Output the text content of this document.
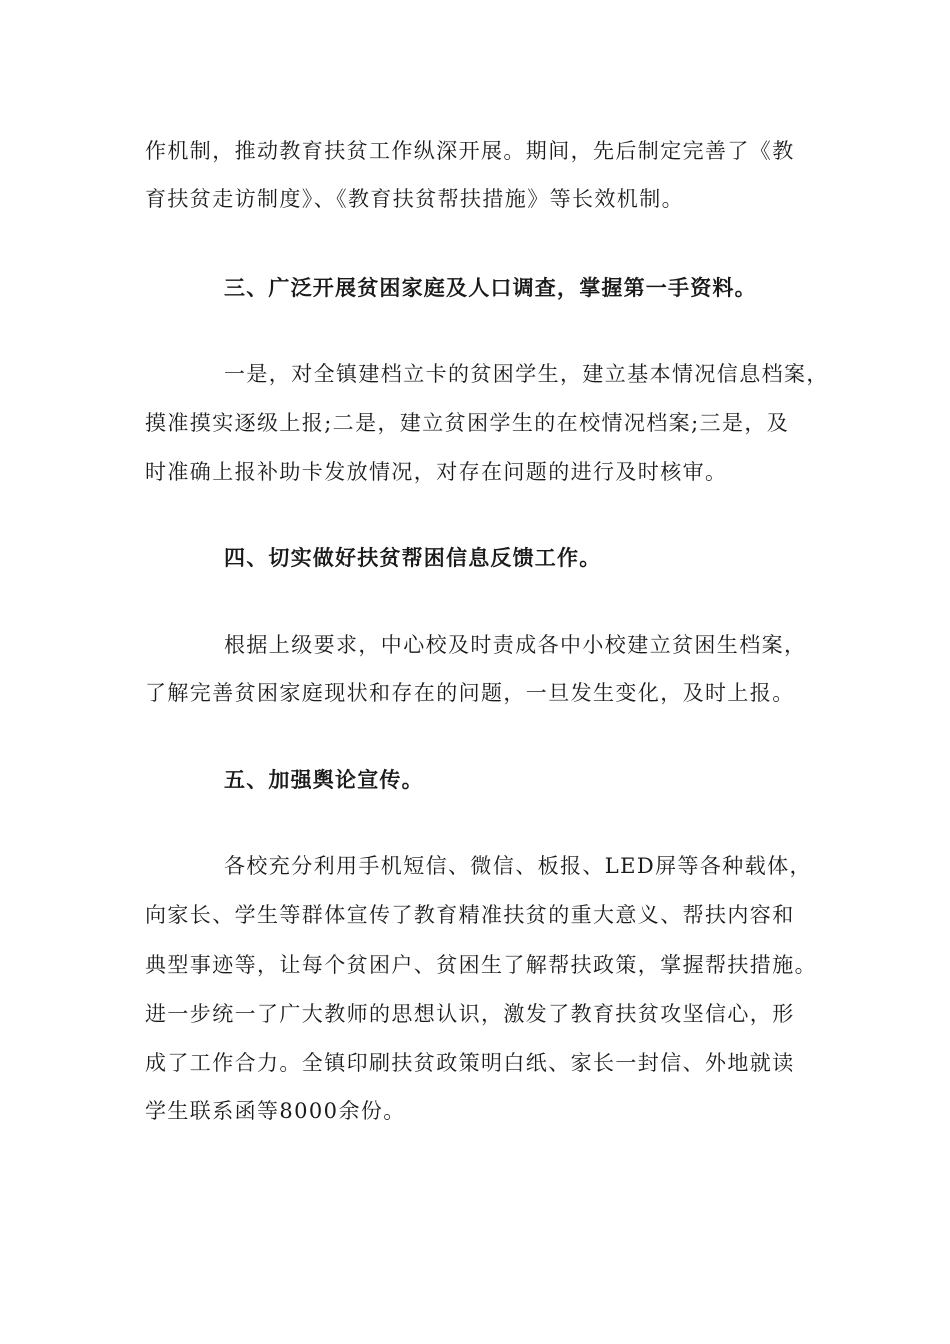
作机制，推动教育扶贫工作纵深开展。期间，先后制定完善了《教
育扶贫走访制度》、《教育扶贫帮扶措施》等长效机制。
三、广泛开展贫困家庭及人口调查，掌握第一手资料。
一是，对全镇建档立卡的贫困学生，建立基本情况信息档案，
摸准摸实逐级上报;二是，建立贫困学生的在校情况档案;三是，及
时准确上报补助卡发放情况，对存在问题的进行及时核审。
四、切实做好扶贫帮困信息反馈工作。
根据上级要求，中心校及时责成各中小校建立贫困生档案，
了解完善贫困家庭现状和存在的问题，一旦发生变化，及时上报。
五、加强舆论宣传。
各校充分利用手机短信、微信、板报、LED屏等各种载体，
向家长、学生等群体宣传了教育精准扶贫的重大意义、帮扶内容和
典型事迹等，让每个贫困户、贫困生了解帮扶政策，掌握帮扶措施。
进一步统一了广大教师的思想认识，激发了教育扶贫攻坚信心，形
成了工作合力。全镇印刷扶贫政策明白纸、家长一封信、外地就读
学生联系函等8000余份。
